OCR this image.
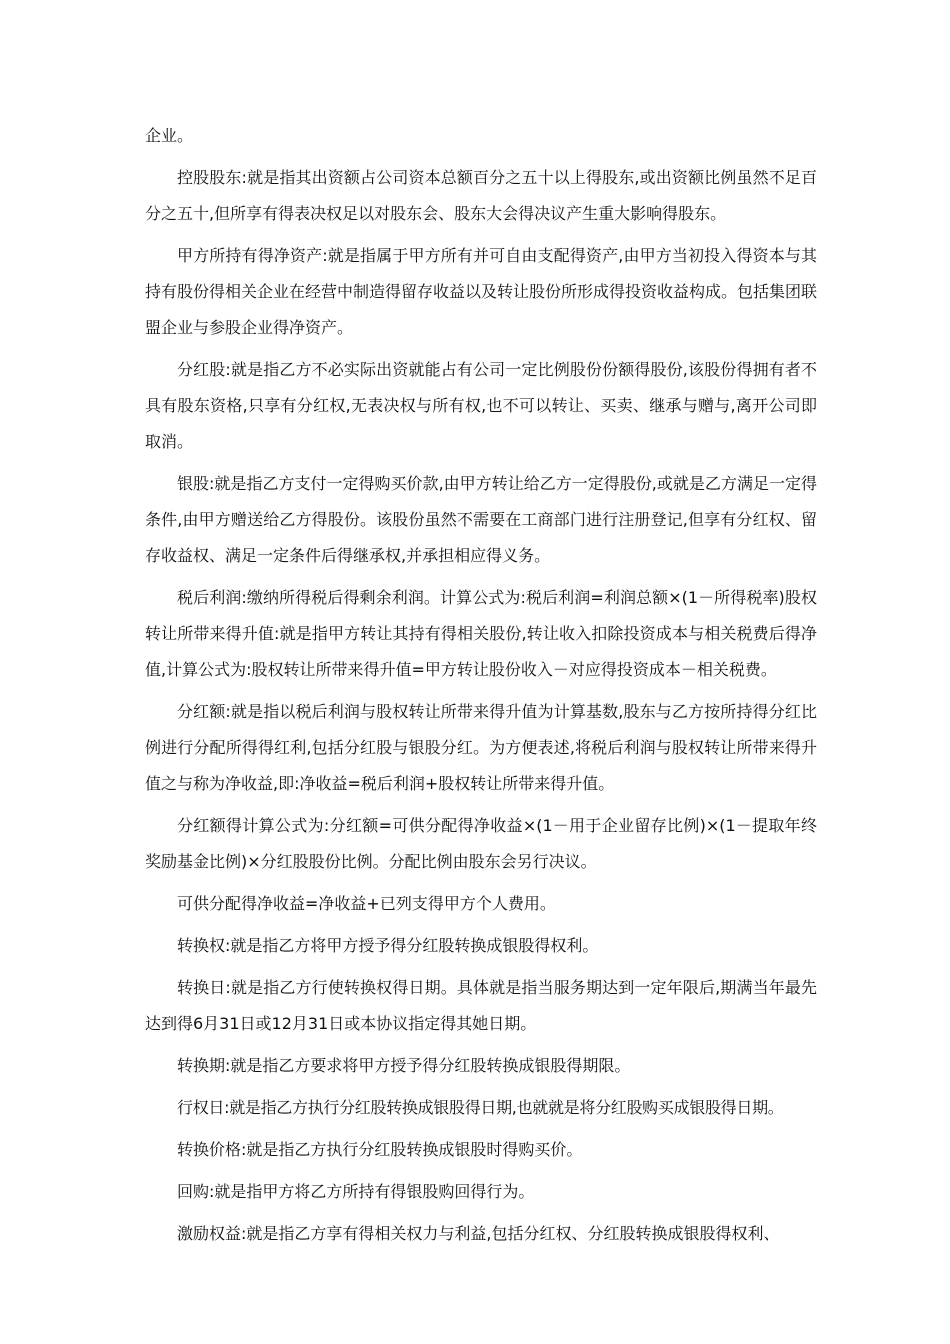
企业。

控股股东:就是指其出资额占公司资本总额百分之五十以上得股东,或出资额比例虽然不足百分之五十,但所享有得表决权足以对股东会、股东大会得决议产生重大影响得股东。

甲方所持有得净资产:就是指属于甲方所有并可自由支配得资产,由甲方当初投入得资本与其持有股份得相关企业在经营中制造得留存收益以及转让股份所形成得投资收益构成。包括集团联盟企业与参股企业得净资产。

分红股:就是指乙方不必实际出资就能占有公司一定比例股份份额得股份,该股份得拥有者不具有股东资格,只享有分红权,无表决权与所有权,也不可以转让、买卖、继承与赠与,离开公司即取消。

银股:就是指乙方支付一定得购买价款,由甲方转让给乙方一定得股份,或就是乙方满足一定得条件,由甲方赠送给乙方得股份。该股份虽然不需要在工商部门进行注册登记,但享有分红权、留存收益权、满足一定条件后得继承权,并承担相应得义务。

税后利润:缴纳所得税后得剩余利润。计算公式为:税后利润=利润总额×(1－所得税率)股权转让所带来得升值:就是指甲方转让其持有得相关股份,转让收入扣除投资成本与相关税费后得净值,计算公式为:股权转让所带来得升值=甲方转让股份收入－对应得投资成本－相关税费。

分红额:就是指以税后利润与股权转让所带来得升值为计算基数,股东与乙方按所持得分红比例进行分配所得得红利,包括分红股与银股分红。为方便表述,将税后利润与股权转让所带来得升值之与称为净收益,即:净收益=税后利润+股权转让所带来得升值。

分红额得计算公式为:分红额=可供分配得净收益×(1－用于企业留存比例)×(1－提取年终奖励基金比例)×分红股股份比例。分配比例由股东会另行决议。

可供分配得净收益=净收益+已列支得甲方个人费用。

转换权:就是指乙方将甲方授予得分红股转换成银股得权利。

转换日:就是指乙方行使转换权得日期。具体就是指当服务期达到一定年限后,期满当年最先达到得6月31日或12月31日或本协议指定得其她日期。

转换期:就是指乙方要求将甲方授予得分红股转换成银股得期限。

行权日:就是指乙方执行分红股转换成银股得日期,也就就是将分红股购买成银股得日期。

转换价格:就是指乙方执行分红股转换成银股时得购买价。

回购:就是指甲方将乙方所持有得银股购回得行为。

激励权益:就是指乙方享有得相关权力与利益,包括分红权、分红股转换成银股得权利、
